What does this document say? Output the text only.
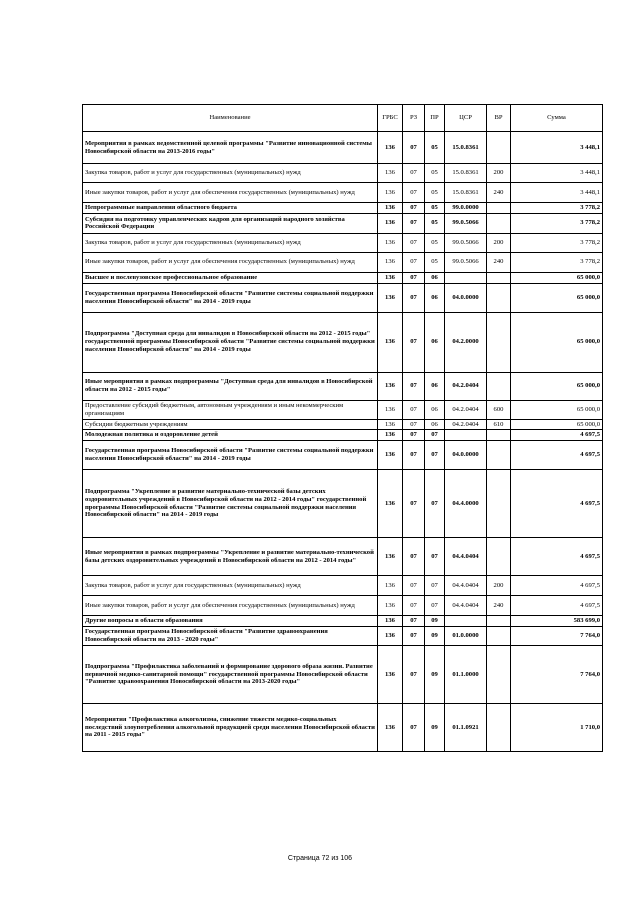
Наименование	ГРБС	РЗ	ПР	ЦСР	ВР	Сумма
Мероприятия в рамках ведомственной целевой программы "Развитие инновационной системы Новосибирской области на 2013-2016 годы"	136	07	05	15.0.8361		3 448,1
Закупка товаров, работ и услуг для государственных (муниципальных) нужд	136	07	05	15.0.8361	200	3 448,1
Иные закупки товаров, работ и услуг для обеспечения государственных (муниципальных) нужд	136	07	05	15.0.8361	240	3 448,1
Непрограммные направления областного бюджета	136	07	05	99.0.0000		3 778,2
Субсидия на подготовку управленческих кадров для организаций народного хозяйства Российской Федерации	136	07	05	99.0.5066		3 778,2
Закупка товаров, работ и услуг для государственных (муниципальных) нужд	136	07	05	99.0.5066	200	3 778,2
Иные закупки товаров, работ и услуг для обеспечения государственных (муниципальных) нужд	136	07	05	99.0.5066	240	3 778,2
Высшее и послевузовское профессиональное образование	136	07	06			65 000,0
Государственная программа Новосибирской области "Развитие системы социальной поддержки населения Новосибирской области" на 2014 - 2019 годы	136	07	06	04.0.0000		65 000,0
Подпрограмма "Доступная среда для инвалидов в Новосибирской области на 2012 - 2015 годы" государственной программы Новосибирской области "Развитие системы социальной поддержки населения Новосибирской области" на 2014 - 2019 годы	136	07	06	04.2.0000		65 000,0
Иные мероприятия в рамках подпрограммы "Доступная среда для инвалидов в Новосибирской области на 2012 - 2015 годы"	136	07	06	04.2.0404		65 000,0
Предоставление субсидий бюджетным, автономным учреждениям и иным некоммерческим организациям	136	07	06	04.2.0404	600	65 000,0
Субсидии бюджетным учреждениям	136	07	06	04.2.0404	610	65 000,0
Молодежная политика и оздоровление детей	136	07	07			4 697,5
Государственная программа Новосибирской области "Развитие системы социальной поддержки населения Новосибирской области" на 2014 - 2019 годы	136	07	07	04.0.0000		4 697,5
Подпрограмма "Укрепление и развитие материально-технической базы детских оздоровительных учреждений в Новосибирской области на 2012 - 2014 годы" государственной программы Новосибирской области "Развитие системы социальной поддержки населения Новосибирской области" на 2014 - 2019 годы	136	07	07	04.4.0000		4 697,5
Иные мероприятия в рамках подпрограммы "Укрепление и развитие материально-технической базы детских оздоровительных учреждений в Новосибирской области на 2012 - 2014 годы"	136	07	07	04.4.0404		4 697,5
Закупка товаров, работ и услуг для государственных (муниципальных) нужд	136	07	07	04.4.0404	200	4 697,5
Иные закупки товаров, работ и услуг для обеспечения государственных (муниципальных) нужд	136	07	07	04.4.0404	240	4 697,5
Другие вопросы в области образования	136	07	09			583 699,0
Государственная программа Новосибирской области "Развитие здравоохранения Новосибирской области на 2013 - 2020 годы"	136	07	09	01.0.0000		7 764,0
Подпрограмма "Профилактика заболеваний и формирование здорового образа жизни. Развитие первичной медико-санитарной помощи" государственной программы Новосибирской области "Развитие здравоохранения Новосибирской области на 2013-2020 годы"	136	07	09	01.1.0000		7 764,0
Мероприятия "Профилактика алкоголизма, снижение тяжести медико-социальных последствий злоупотребления алкогольной продукцией среди населения Новосибирской области на 2011 - 2015 годы"	136	07	09	01.1.0921		1 710,0
Страница 72 из 106
